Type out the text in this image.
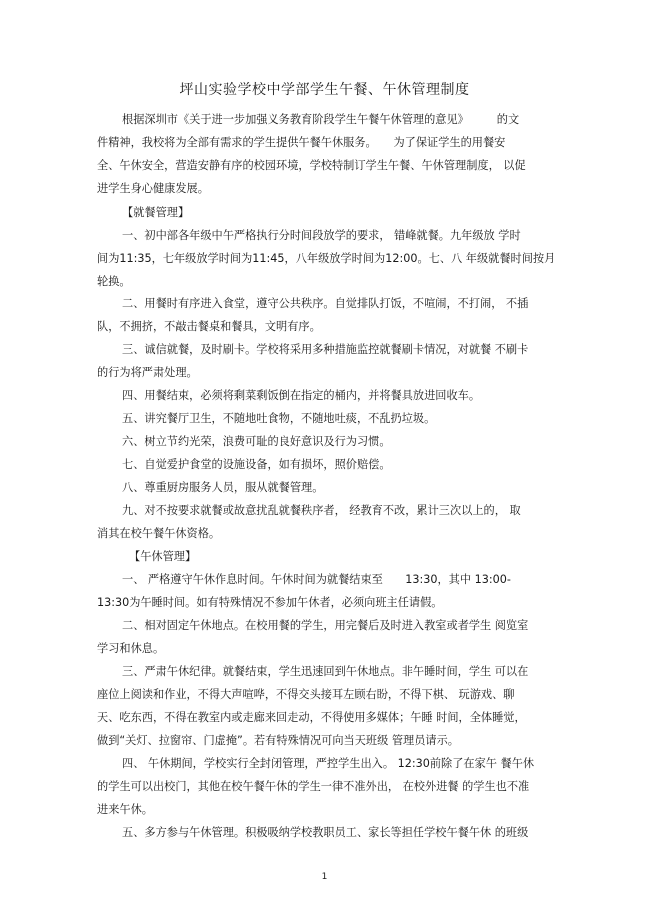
坪山实验学校中学部学生午餐、午休管理制度
根据深圳市《关于进一步加强义务教育阶段学生午餐午休管理的意见》　　　的文
件精神，我校将为全部有需求的学生提供午餐午休服务。　　为了保证学生的用餐安
全、午休安全，营造安静有序的校园环境，学校特制订学生午餐、午休管理制度， 以促
进学生身心健康发展。
【就餐管理】
一、初中部各年级中午严格执行分时间段放学的要求， 错峰就餐。九年级放 学时
间为11:35，七年级放学时间为11:45，八年级放学时间为12:00。七、八 年级就餐时间按月
轮换。
二、用餐时有序进入食堂，遵守公共秩序。自觉排队打饭，不喧闹，不打闹， 不插
队，不拥挤，不敲击餐桌和餐具，文明有序。
三、诚信就餐，及时刷卡。学校将采用多种措施监控就餐刷卡情况，对就餐 不刷卡
的行为将严肃处理。
四、用餐结束，必须将剩菜剩饭倒在指定的桶内，并将餐具放进回收车。
五、讲究餐厅卫生，不随地吐食物，不随地吐痰，不乱扔垃圾。
六、树立节约光荣，浪费可耻的良好意识及行为习惯。
七、自觉爱护食堂的设施设备，如有损坏，照价赔偿。
八、尊重厨房服务人员，服从就餐管理。
九、对不按要求就餐或故意扰乱就餐秩序者， 经教育不改，累计三次以上的， 取
消其在校午餐午休资格。
【午休管理】
一、 严格遵守午休作息时间。午休时间为就餐结束至　　13:30，其中 13:00-
13:30为午睡时间。如有特殊情况不参加午休者，必须向班主任请假。
二、相对固定午休地点。在校用餐的学生，用完餐后及时进入教室或者学生 阅览室
学习和休息。
三、严肃午休纪律。就餐结束，学生迅速回到午休地点。非午睡时间，学生 可以在
座位上阅读和作业，不得大声喧哗，不得交头接耳左顾右盼，不得下棋、 玩游戏、聊
天、吃东西，不得在教室内或走廊来回走动，不得使用多媒体；午睡 时间，全体睡觉，
做到“关灯、拉窗帘、门虚掩”。若有特殊情况可向当天班级 管理员请示。
四、 午休期间，学校实行全封闭管理，严控学生出入。 12:30前除了在家午 餐午休
的学生可以出校门，其他在校午餐午休的学生一律不准外出， 在校外进餐 的学生也不准
进来午休。
五、多方参与午休管理。积极吸纳学校教职员工、家长等担任学校午餐午休 的班级
1
